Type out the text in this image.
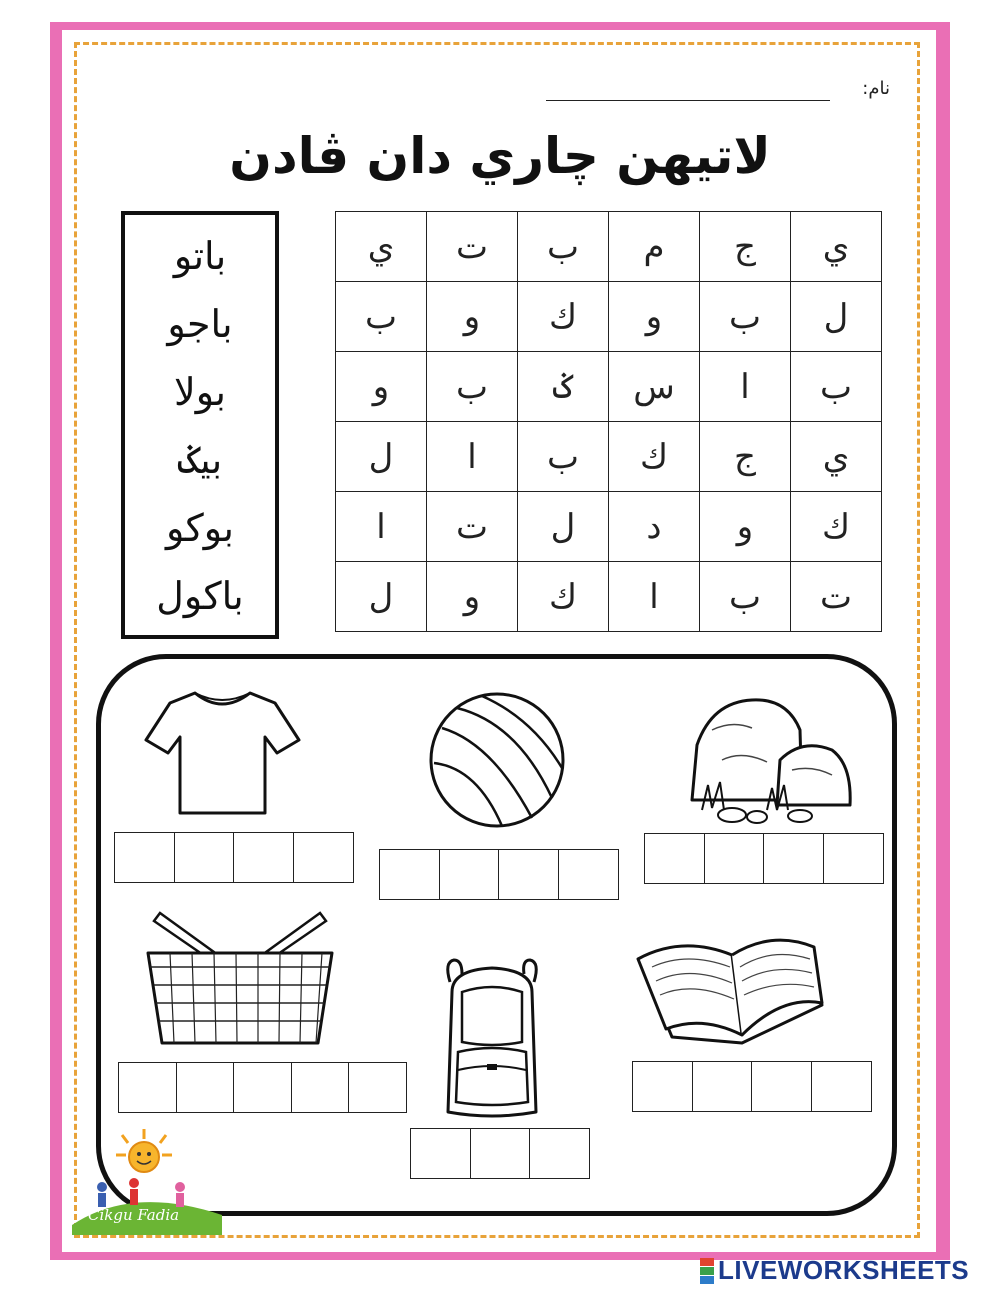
نام:
لاتيهن چاري دان ڤادن
باتو
باجو
بولا
بيݢ
بوكو
باكول
ي	ت	ب	م	ج	ي
ب	و	ك	و	ب	ل
و	ب	ݢ	س	ا	ب
ل	ا	ب	ك	ج	ي
ا	ت	ل	د	و	ك
ل	و	ك	ا	ب	ت
Cikgu Fadia
LIVEWORKSHEETS
